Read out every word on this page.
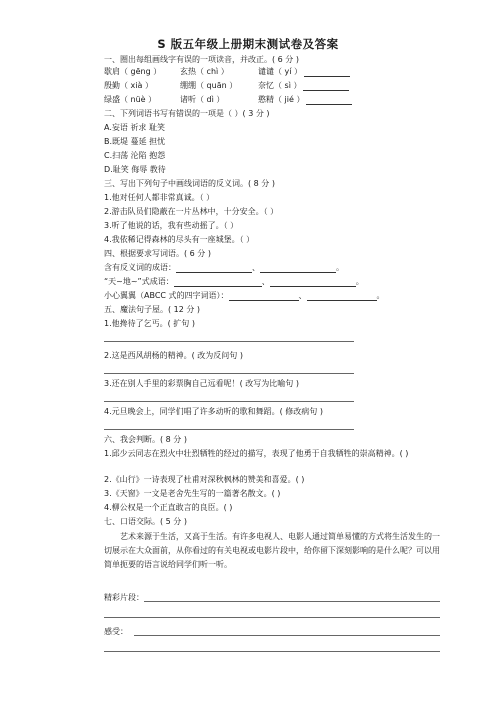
S 版五年级上册期末测试卷及答案
一、圈出每组画线字有误的一项读音，并改正。( 6 分 )
歇肩（ gēng ） 玄热（ chì ）	谴谴（ yí ）
殷勤（ xià ）	绷绷（ quān ）	奈忆（ sì ）
绿盛（ nüè ）	诸听（ dì ）	憨精（ jié ）
二、下列词语书写有错误的一项是（ ）( 3 分 )
A.妄语 祈求 耻笑
B.既堤 蔓延 担忧
C.扫荡 沦陷 抱怨
D.耻笑 侮辱 教待
三、写出下列句子中画线词语的反义词。( 8 分 )
1.他对任何人都非常真诚。（ ）
2.游击队员们隐蔽在一片丛林中，十分安全。（ ）
3.听了他说的话，我有些动摇了。（ ）
4.我依稀记得森林的尽头有一座城堡。（ ）
四、根据要求写词语。( 6 分 )
含有反义词的成语：	、	。
“天~地~”式成语：	、	。
小心翼翼（ABCC 式的四字词语）：	、	。
五、魔法句子屋。( 12 分 )
1.他搀待了乞丐。( 扩句 )
2.这是西风胡杨的精神。( 改为反问句 )
3.还在别人手里的彩票胸自己远看呢！( 改写为比喻句 )
4.元旦晚会上，同学们唱了许多动听的歌和舞蹈。( 修改病句 )
六、我会判断。( 8 分 )
1.邱少云同志在烈火中壮烈牺牲的经过的描写，表现了他勇于自我牺牲的崇高精神。( )
2.《山行》一诗表现了杜甫对深秋枫林的赞美和喜爱。( )
3.《天窗》一文是老舍先生写的一篇著名散文。( )
4.柳公权是一个正直敢言的良臣。( )
七、口语交际。( 5 分 )
艺术来源于生活，又高于生活。有许多电视人、电影人通过简单易懂的方式将生活发生的一切展示在大众面前，从你看过的有关电视或电影片段中，给你留下深刻影响的是什么呢？可以用简单扼要的语言说给同学们听一听。
精彩片段：
感受：
